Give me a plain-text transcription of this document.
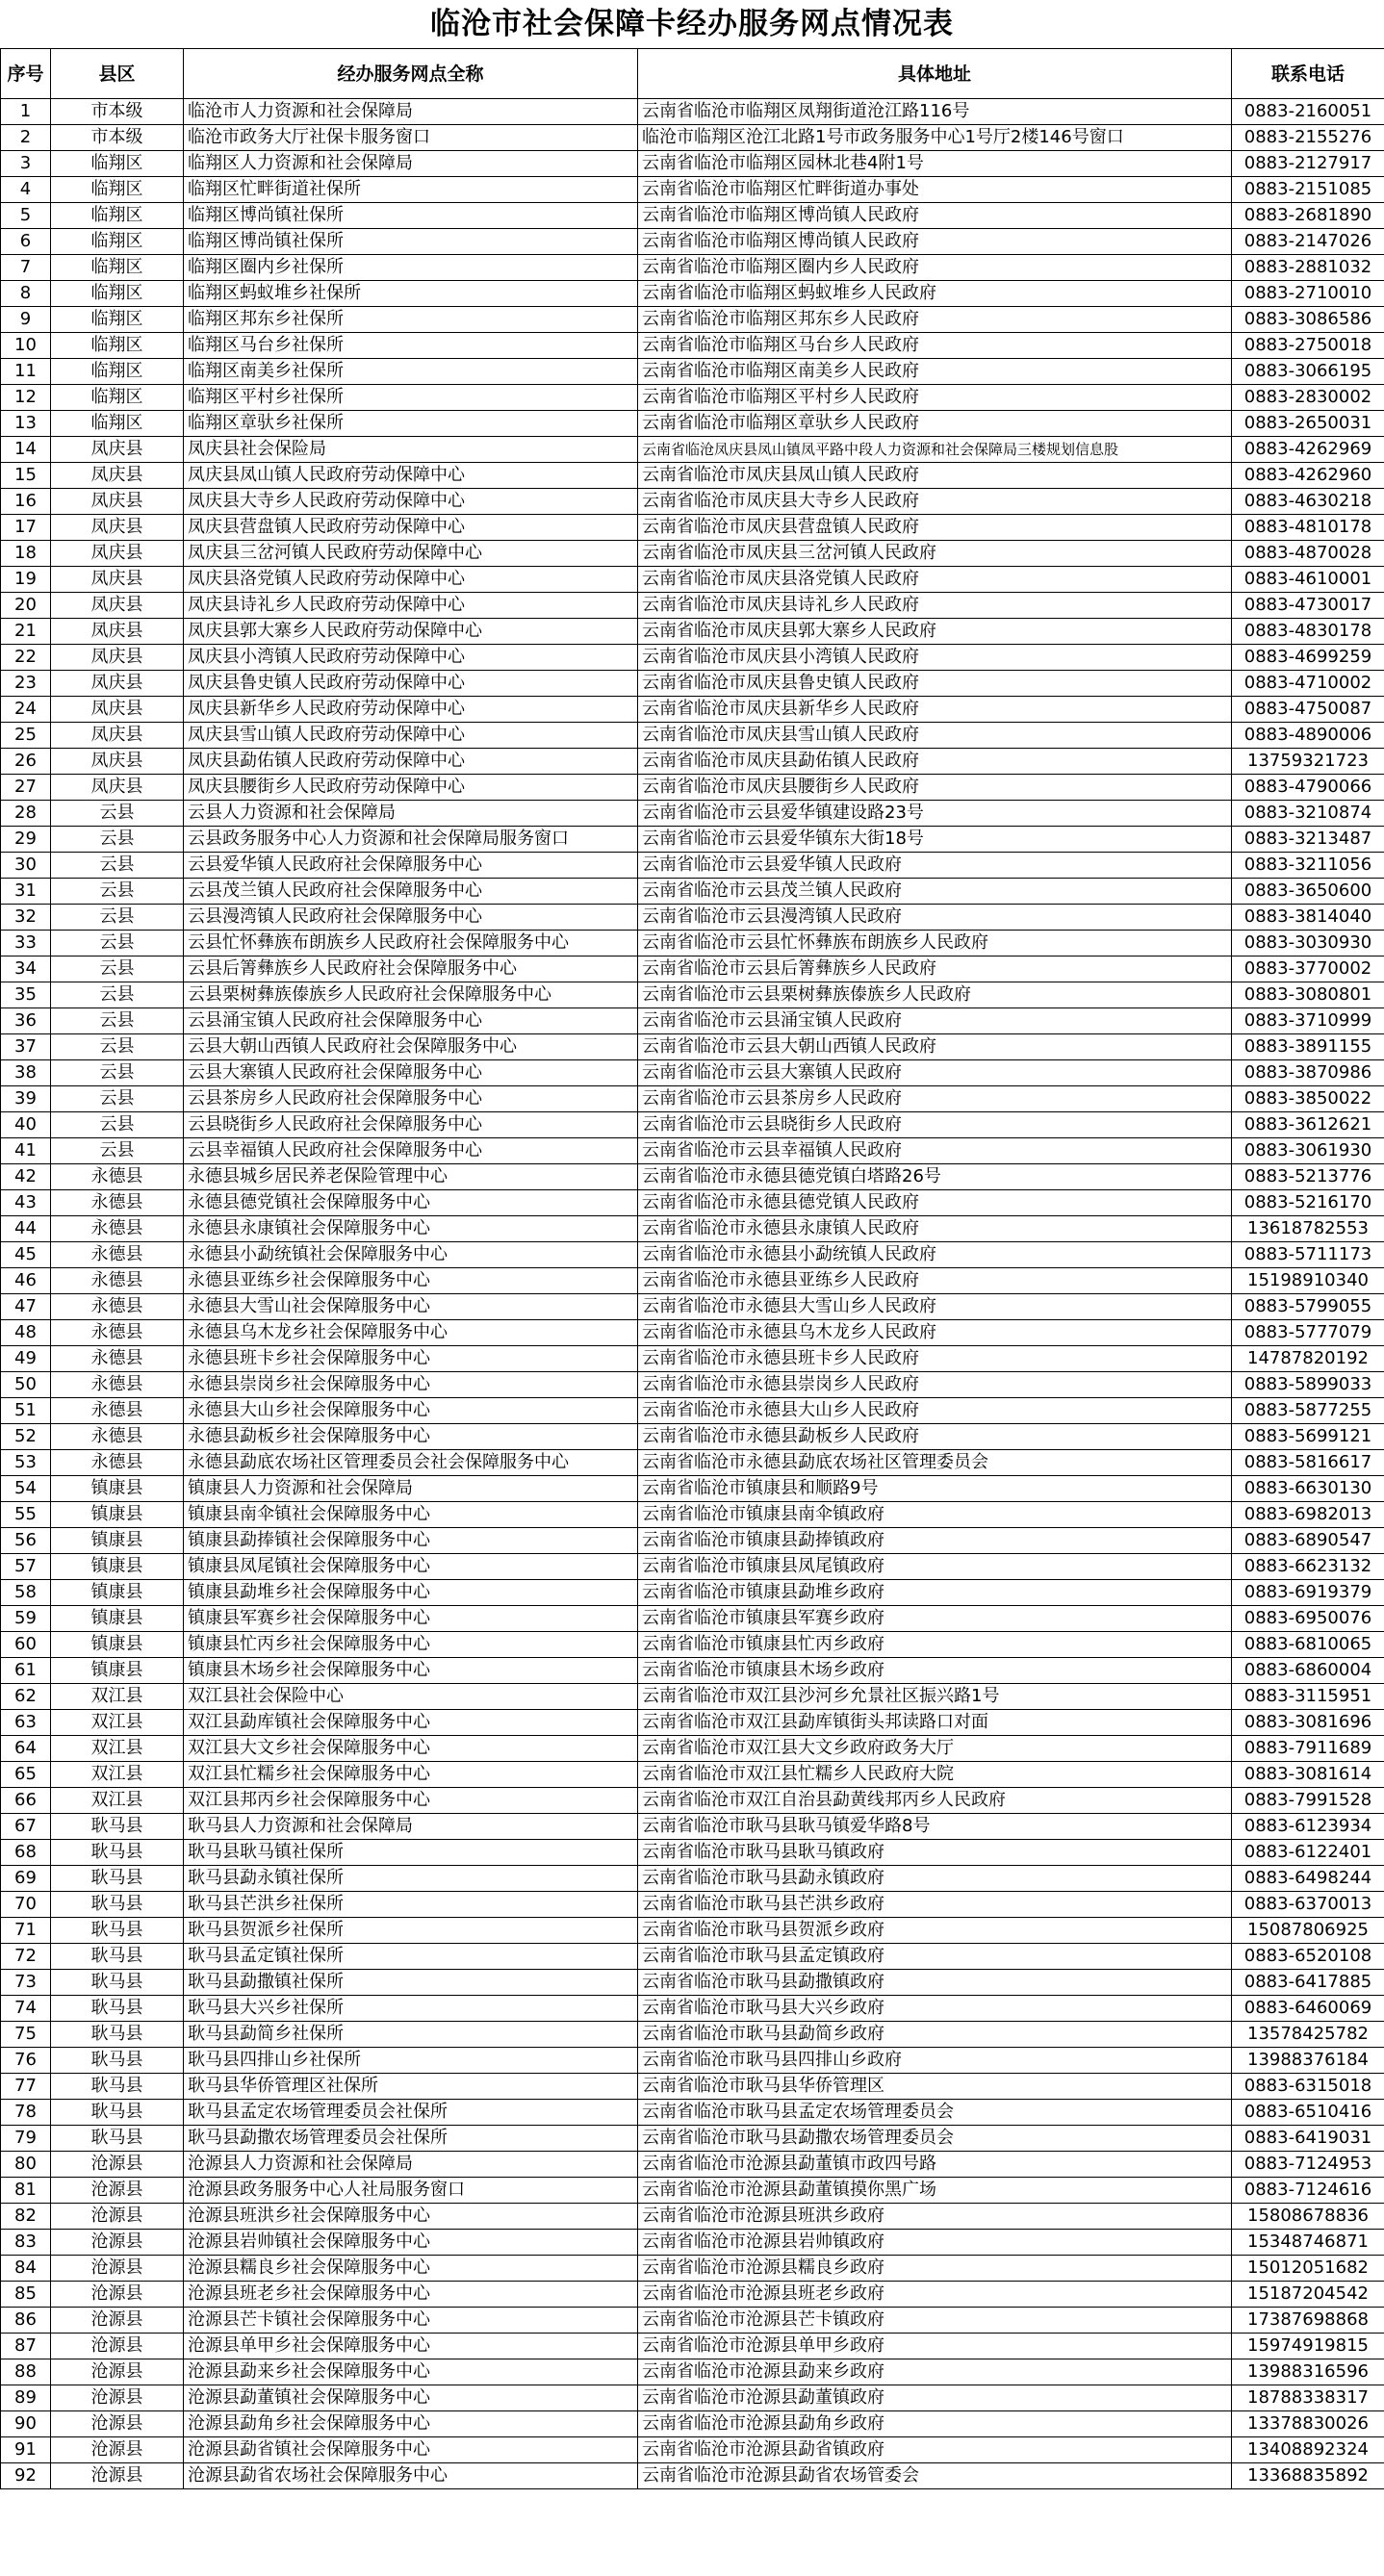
临沧市社会保障卡经办服务网点情况表
序号	县区	经办服务网点全称	具体地址	联系电话
1	市本级	临沧市人力资源和社会保障局	云南省临沧市临翔区凤翔街道沧江路116号	0883-2160051
2	市本级	临沧市政务大厅社保卡服务窗口	临沧市临翔区沧江北路1号市政务服务中心1号厅2楼146号窗口	0883-2155276
3	临翔区	临翔区人力资源和社会保障局	云南省临沧市临翔区园林北巷4附1号	0883-2127917
4	临翔区	临翔区忙畔街道社保所	云南省临沧市临翔区忙畔街道办事处	0883-2151085
5	临翔区	临翔区博尚镇社保所	云南省临沧市临翔区博尚镇人民政府	0883-2681890
6	临翔区	临翔区博尚镇社保所	云南省临沧市临翔区博尚镇人民政府	0883-2147026
7	临翔区	临翔区圈内乡社保所	云南省临沧市临翔区圈内乡人民政府	0883-2881032
8	临翔区	临翔区蚂蚁堆乡社保所	云南省临沧市临翔区蚂蚁堆乡人民政府	0883-2710010
9	临翔区	临翔区邦东乡社保所	云南省临沧市临翔区邦东乡人民政府	0883-3086586
10	临翔区	临翔区马台乡社保所	云南省临沧市临翔区马台乡人民政府	0883-2750018
11	临翔区	临翔区南美乡社保所	云南省临沧市临翔区南美乡人民政府	0883-3066195
12	临翔区	临翔区平村乡社保所	云南省临沧市临翔区平村乡人民政府	0883-2830002
13	临翔区	临翔区章驮乡社保所	云南省临沧市临翔区章驮乡人民政府	0883-2650031
14	凤庆县	凤庆县社会保险局	云南省临沧凤庆县凤山镇凤平路中段人力资源和社会保障局三楼规划信息股	0883-4262969
15	凤庆县	凤庆县凤山镇人民政府劳动保障中心	云南省临沧市凤庆县凤山镇人民政府	0883-4262960
16	凤庆县	凤庆县大寺乡人民政府劳动保障中心	云南省临沧市凤庆县大寺乡人民政府	0883-4630218
17	凤庆县	凤庆县营盘镇人民政府劳动保障中心	云南省临沧市凤庆县营盘镇人民政府	0883-4810178
18	凤庆县	凤庆县三岔河镇人民政府劳动保障中心	云南省临沧市凤庆县三岔河镇人民政府	0883-4870028
19	凤庆县	凤庆县洛党镇人民政府劳动保障中心	云南省临沧市凤庆县洛党镇人民政府	0883-4610001
20	凤庆县	凤庆县诗礼乡人民政府劳动保障中心	云南省临沧市凤庆县诗礼乡人民政府	0883-4730017
21	凤庆县	凤庆县郭大寨乡人民政府劳动保障中心	云南省临沧市凤庆县郭大寨乡人民政府	0883-4830178
22	凤庆县	凤庆县小湾镇人民政府劳动保障中心	云南省临沧市凤庆县小湾镇人民政府	0883-4699259
23	凤庆县	凤庆县鲁史镇人民政府劳动保障中心	云南省临沧市凤庆县鲁史镇人民政府	0883-4710002
24	凤庆县	凤庆县新华乡人民政府劳动保障中心	云南省临沧市凤庆县新华乡人民政府	0883-4750087
25	凤庆县	凤庆县雪山镇人民政府劳动保障中心	云南省临沧市凤庆县雪山镇人民政府	0883-4890006
26	凤庆县	凤庆县勐佑镇人民政府劳动保障中心	云南省临沧市凤庆县勐佑镇人民政府	13759321723
27	凤庆县	凤庆县腰街乡人民政府劳动保障中心	云南省临沧市凤庆县腰街乡人民政府	0883-4790066
28	云县	云县人力资源和社会保障局	云南省临沧市云县爱华镇建设路23号	0883-3210874
29	云县	云县政务服务中心人力资源和社会保障局服务窗口	云南省临沧市云县爱华镇东大街18号	0883-3213487
30	云县	云县爱华镇人民政府社会保障服务中心	云南省临沧市云县爱华镇人民政府	0883-3211056
31	云县	云县茂兰镇人民政府社会保障服务中心	云南省临沧市云县茂兰镇人民政府	0883-3650600
32	云县	云县漫湾镇人民政府社会保障服务中心	云南省临沧市云县漫湾镇人民政府	0883-3814040
33	云县	云县忙怀彝族布朗族乡人民政府社会保障服务中心	云南省临沧市云县忙怀彝族布朗族乡人民政府	0883-3030930
34	云县	云县后箐彝族乡人民政府社会保障服务中心	云南省临沧市云县后箐彝族乡人民政府	0883-3770002
35	云县	云县栗树彝族傣族乡人民政府社会保障服务中心	云南省临沧市云县栗树彝族傣族乡人民政府	0883-3080801
36	云县	云县涌宝镇人民政府社会保障服务中心	云南省临沧市云县涌宝镇人民政府	0883-3710999
37	云县	云县大朝山西镇人民政府社会保障服务中心	云南省临沧市云县大朝山西镇人民政府	0883-3891155
38	云县	云县大寨镇人民政府社会保障服务中心	云南省临沧市云县大寨镇人民政府	0883-3870986
39	云县	云县茶房乡人民政府社会保障服务中心	云南省临沧市云县茶房乡人民政府	0883-3850022
40	云县	云县晓街乡人民政府社会保障服务中心	云南省临沧市云县晓街乡人民政府	0883-3612621
41	云县	云县幸福镇人民政府社会保障服务中心	云南省临沧市云县幸福镇人民政府	0883-3061930
42	永德县	永德县城乡居民养老保险管理中心	云南省临沧市永德县德党镇白塔路26号	0883-5213776
43	永德县	永德县德党镇社会保障服务中心	云南省临沧市永德县德党镇人民政府	0883-5216170
44	永德县	永德县永康镇社会保障服务中心	云南省临沧市永德县永康镇人民政府	13618782553
45	永德县	永德县小勐统镇社会保障服务中心	云南省临沧市永德县小勐统镇人民政府	0883-5711173
46	永德县	永德县亚练乡社会保障服务中心	云南省临沧市永德县亚练乡人民政府	15198910340
47	永德县	永德县大雪山社会保障服务中心	云南省临沧市永德县大雪山乡人民政府	0883-5799055
48	永德县	永德县乌木龙乡社会保障服务中心	云南省临沧市永德县乌木龙乡人民政府	0883-5777079
49	永德县	永德县班卡乡社会保障服务中心	云南省临沧市永德县班卡乡人民政府	14787820192
50	永德县	永德县崇岗乡社会保障服务中心	云南省临沧市永德县崇岗乡人民政府	0883-5899033
51	永德县	永德县大山乡社会保障服务中心	云南省临沧市永德县大山乡人民政府	0883-5877255
52	永德县	永德县勐板乡社会保障服务中心	云南省临沧市永德县勐板乡人民政府	0883-5699121
53	永德县	永德县勐底农场社区管理委员会社会保障服务中心	云南省临沧市永德县勐底农场社区管理委员会	0883-5816617
54	镇康县	镇康县人力资源和社会保障局	云南省临沧市镇康县和顺路9号	0883-6630130
55	镇康县	镇康县南伞镇社会保障服务中心	云南省临沧市镇康县南伞镇政府	0883-6982013
56	镇康县	镇康县勐捧镇社会保障服务中心	云南省临沧市镇康县勐捧镇政府	0883-6890547
57	镇康县	镇康县凤尾镇社会保障服务中心	云南省临沧市镇康县凤尾镇政府	0883-6623132
58	镇康县	镇康县勐堆乡社会保障服务中心	云南省临沧市镇康县勐堆乡政府	0883-6919379
59	镇康县	镇康县军赛乡社会保障服务中心	云南省临沧市镇康县军赛乡政府	0883-6950076
60	镇康县	镇康县忙丙乡社会保障服务中心	云南省临沧市镇康县忙丙乡政府	0883-6810065
61	镇康县	镇康县木场乡社会保障服务中心	云南省临沧市镇康县木场乡政府	0883-6860004
62	双江县	双江县社会保险中心	云南省临沧市双江县沙河乡允景社区振兴路1号	0883-3115951
63	双江县	双江县勐库镇社会保障服务中心	云南省临沧市双江县勐库镇街头邦读路口对面	0883-3081696
64	双江县	双江县大文乡社会保障服务中心	云南省临沧市双江县大文乡政府政务大厅	0883-7911689
65	双江县	双江县忙糯乡社会保障服务中心	云南省临沧市双江县忙糯乡人民政府大院	0883-3081614
66	双江县	双江县邦丙乡社会保障服务中心	云南省临沧市双江自治县勐黄线邦丙乡人民政府	0883-7991528
67	耿马县	耿马县人力资源和社会保障局	云南省临沧市耿马县耿马镇爱华路8号	0883-6123934
68	耿马县	耿马县耿马镇社保所	云南省临沧市耿马县耿马镇政府	0883-6122401
69	耿马县	耿马县勐永镇社保所	云南省临沧市耿马县勐永镇政府	0883-6498244
70	耿马县	耿马县芒洪乡社保所	云南省临沧市耿马县芒洪乡政府	0883-6370013
71	耿马县	耿马县贺派乡社保所	云南省临沧市耿马县贺派乡政府	15087806925
72	耿马县	耿马县孟定镇社保所	云南省临沧市耿马县孟定镇政府	0883-6520108
73	耿马县	耿马县勐撒镇社保所	云南省临沧市耿马县勐撒镇政府	0883-6417885
74	耿马县	耿马县大兴乡社保所	云南省临沧市耿马县大兴乡政府	0883-6460069
75	耿马县	耿马县勐简乡社保所	云南省临沧市耿马县勐简乡政府	13578425782
76	耿马县	耿马县四排山乡社保所	云南省临沧市耿马县四排山乡政府	13988376184
77	耿马县	耿马县华侨管理区社保所	云南省临沧市耿马县华侨管理区	0883-6315018
78	耿马县	耿马县孟定农场管理委员会社保所	云南省临沧市耿马县孟定农场管理委员会	0883-6510416
79	耿马县	耿马县勐撒农场管理委员会社保所	云南省临沧市耿马县勐撒农场管理委员会	0883-6419031
80	沧源县	沧源县人力资源和社会保障局	云南省临沧市沧源县勐董镇市政四号路	0883-7124953
81	沧源县	沧源县政务服务中心人社局服务窗口	云南省临沧市沧源县勐董镇摸你黑广场	0883-7124616
82	沧源县	沧源县班洪乡社会保障服务中心	云南省临沧市沧源县班洪乡政府	15808678836
83	沧源县	沧源县岩帅镇社会保障服务中心	云南省临沧市沧源县岩帅镇政府	15348746871
84	沧源县	沧源县糯良乡社会保障服务中心	云南省临沧市沧源县糯良乡政府	15012051682
85	沧源县	沧源县班老乡社会保障服务中心	云南省临沧市沧源县班老乡政府	15187204542
86	沧源县	沧源县芒卡镇社会保障服务中心	云南省临沧市沧源县芒卡镇政府	17387698868
87	沧源县	沧源县单甲乡社会保障服务中心	云南省临沧市沧源县单甲乡政府	15974919815
88	沧源县	沧源县勐来乡社会保障服务中心	云南省临沧市沧源县勐来乡政府	13988316596
89	沧源县	沧源县勐董镇社会保障服务中心	云南省临沧市沧源县勐董镇政府	18788338317
90	沧源县	沧源县勐角乡社会保障服务中心	云南省临沧市沧源县勐角乡政府	13378830026
91	沧源县	沧源县勐省镇社会保障服务中心	云南省临沧市沧源县勐省镇政府	13408892324
92	沧源县	沧源县勐省农场社会保障服务中心	云南省临沧市沧源县勐省农场管委会	13368835892
